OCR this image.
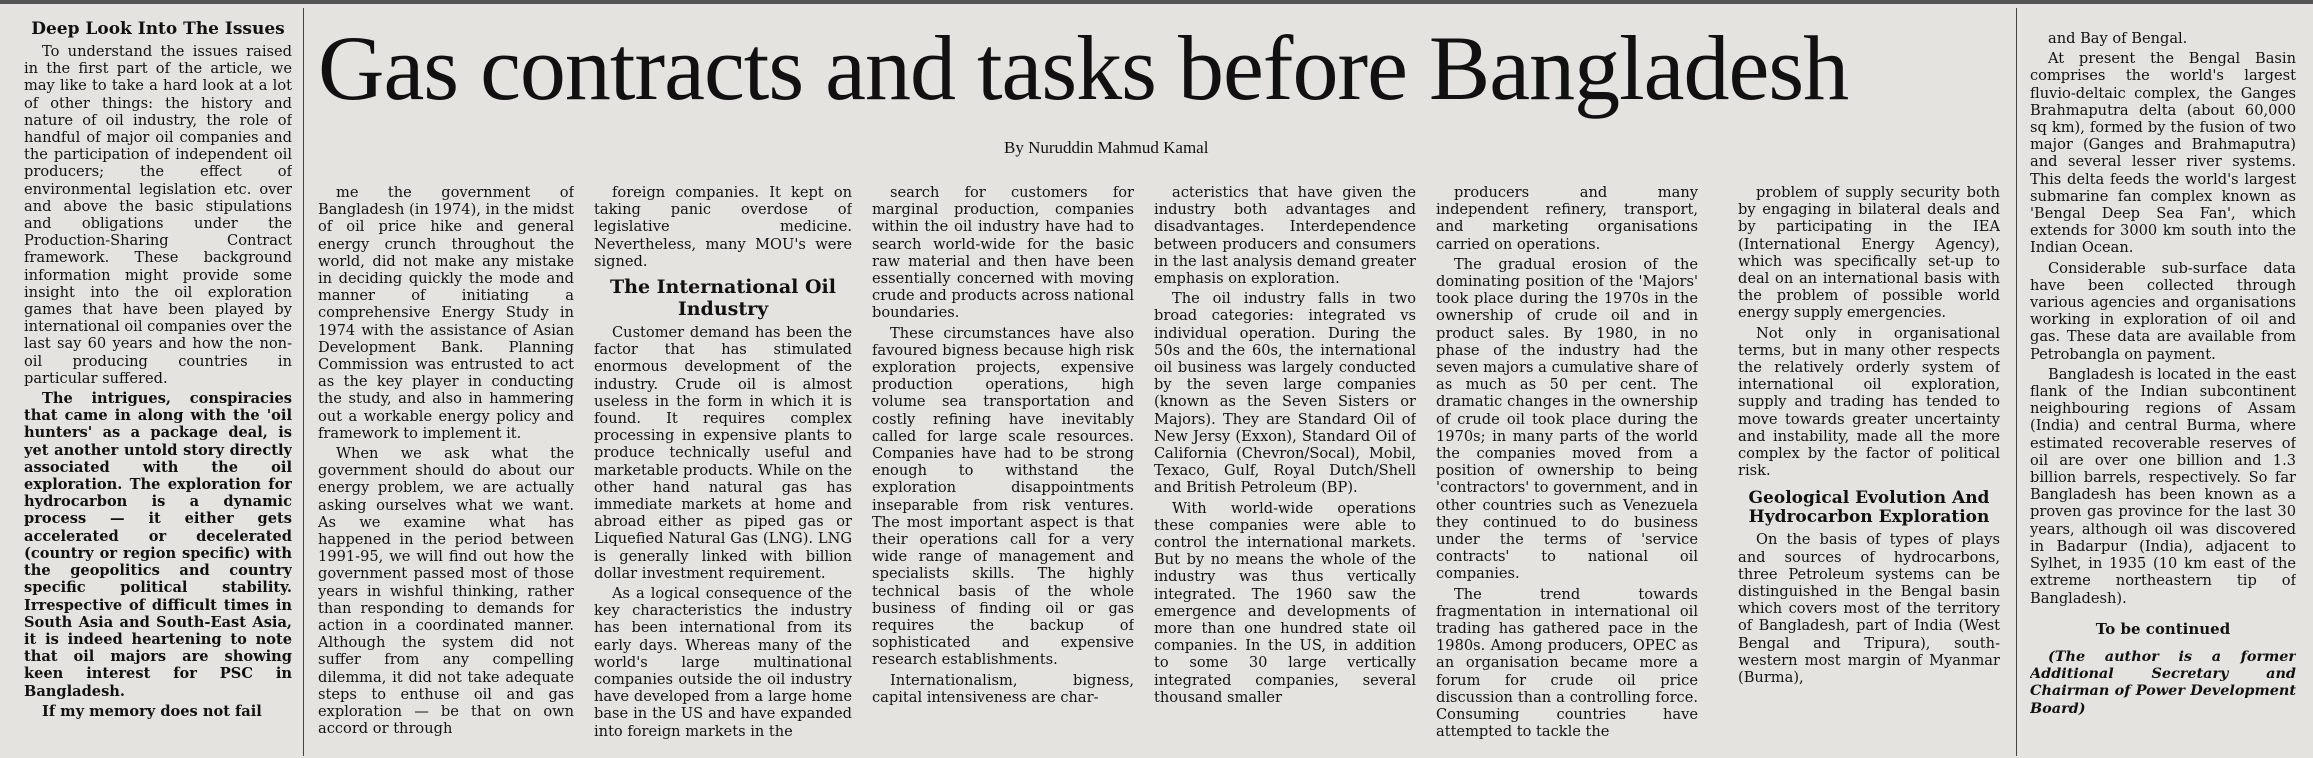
Deep Look Into The Issues

To understand the issues raised in the first part of the article, we may like to take a hard look at a lot of other things: the history and nature of oil industry, the role of handful of major oil companies and the participation of independent oil producers; the effect of environmental legislation etc. over and above the basic stipulations and obligations under the Production-Sharing Contract framework. These background information might provide some insight into the oil exploration games that have been played by international oil companies over the last say 60 years and how the non-oil producing countries in particular suffered.

The intrigues, conspiracies that came in along with the 'oil hunters' as a package deal, is yet another untold story directly associated with the oil exploration. The exploration for hydrocarbon is a dynamic process — it either gets accelerated or decelerated (country or region specific) with the geopolitics and country specific political stability. Irrespective of difficult times in South Asia and South-East Asia, it is indeed heartening to note that oil majors are showing keen interest for PSC in Bangladesh.

If my memory does not fail

Gas contracts and tasks before Bangladesh
By Nuruddin Mahmud Kamal

me the government of Bangladesh (in 1974), in the midst of oil price hike and general energy crunch throughout the world, did not make any mistake in deciding quickly the mode and manner of initiating a comprehensive Energy Study in 1974 with the assistance of Asian Development Bank. Planning Commission was entrusted to act as the key player in conducting the study, and also in hammering out a workable energy policy and framework to implement it.

When we ask what the government should do about our energy problem, we are actually asking ourselves what we want. As we examine what has happened in the period between 1991-95, we will find out how the government passed most of those years in wishful thinking, rather than responding to demands for action in a coordinated manner. Although the system did not suffer from any compelling dilemma, it did not take adequate steps to enthuse oil and gas exploration — be that on own accord or through

foreign companies. It kept on taking panic overdose of legislative medicine. Nevertheless, many MOU's were signed.

The International Oil Industry

Customer demand has been the factor that has stimulated enormous development of the industry. Crude oil is almost useless in the form in which it is found. It requires complex processing in expensive plants to produce technically useful and marketable products. While on the other hand natural gas has immediate markets at home and abroad either as piped gas or Liquefied Natural Gas (LNG). LNG is generally linked with billion dollar investment requirement.

As a logical consequence of the key characteristics the industry has been international from its early days. Whereas many of the world's large multinational companies outside the oil industry have developed from a large home base in the US and have expanded into foreign markets in the

search for customers for marginal production, companies within the oil industry have had to search world-wide for the basic raw material and then have been essentially concerned with moving crude and products across national boundaries.

These circumstances have also favoured bigness because high risk exploration projects, expensive production operations, high volume sea transportation and costly refining have inevitably called for large scale resources. Companies have had to be strong enough to withstand the exploration disappointments inseparable from risk ventures. The most important aspect is that their operations call for a very wide range of management and specialists skills. The highly technical basis of the whole business of finding oil or gas requires the backup of sophisticated and expensive research establishments.

Internationalism, bigness, capital intensiveness are char-

acteristics that have given the industry both advantages and disadvantages. Interdependence between producers and consumers in the last analysis demand greater emphasis on exploration.

The oil industry falls in two broad categories: integrated vs individual operation. During the 50s and the 60s, the international oil business was largely conducted by the seven large companies (known as the Seven Sisters or Majors). They are Standard Oil of New Jersy (Exxon), Standard Oil of California (Chevron/Socal), Mobil, Texaco, Gulf, Royal Dutch/Shell and British Petroleum (BP).

With world-wide operations these companies were able to control the international markets. But by no means the whole of the industry was thus vertically integrated. The 1960 saw the emergence and developments of more than one hundred state oil companies. In the US, in addition to some 30 large vertically integrated companies, several thousand smaller

producers and many independent refinery, transport, and marketing organisations carried on operations.

The gradual erosion of the dominating position of the 'Majors' took place during the 1970s in the ownership of crude oil and in product sales. By 1980, in no phase of the industry had the seven majors a cumulative share of as much as 50 per cent. The dramatic changes in the ownership of crude oil took place during the 1970s; in many parts of the world the companies moved from a position of ownership to being 'contractors' to government, and in other countries such as Venezuela they continued to do business under the terms of 'service contracts' to national oil companies.

The trend towards fragmentation in international oil trading has gathered pace in the 1980s. Among producers, OPEC as an organisation became more a forum for crude oil price discussion than a controlling force. Consuming countries have attempted to tackle the

problem of supply security both by engaging in bilateral deals and by participating in the IEA (International Energy Agency), which was specifically set-up to deal on an international basis with the problem of possible world energy supply emergencies.

Not only in organisational terms, but in many other respects the relatively orderly system of international oil exploration, supply and trading has tended to move towards greater uncertainty and instability, made all the more complex by the factor of political risk.

Geological Evolution And Hydrocarbon Exploration

On the basis of types of plays and sources of hydrocarbons, three Petroleum systems can be distinguished in the Bengal basin which covers most of the territory of Bangladesh, part of India (West Bengal and Tripura), south-western most margin of Myanmar (Burma),

and Bay of Bengal.

At present the Bengal Basin comprises the world's largest fluvio-deltaic complex, the Ganges Brahmaputra delta (about 60,000 sq km), formed by the fusion of two major (Ganges and Brahmaputra) and several lesser river systems. This delta feeds the world's largest submarine fan complex known as 'Bengal Deep Sea Fan', which extends for 3000 km south into the Indian Ocean.

Considerable sub-surface data have been collected through various agencies and organisations working in exploration of oil and gas. These data are available from Petrobangla on payment.

Bangladesh is located in the east flank of the Indian subcontinent neighbouring regions of Assam (India) and central Burma, where estimated recoverable reserves of oil are over one billion and 1.3 billion barrels, respectively. So far Bangladesh has been known as a proven gas province for the last 30 years, although oil was discovered in Badarpur (India), adjacent to Sylhet, in 1935 (10 km east of the extreme northeastern tip of Bangladesh).

To be continued

(The author is a former Additional Secretary and Chairman of Power Development Board)
